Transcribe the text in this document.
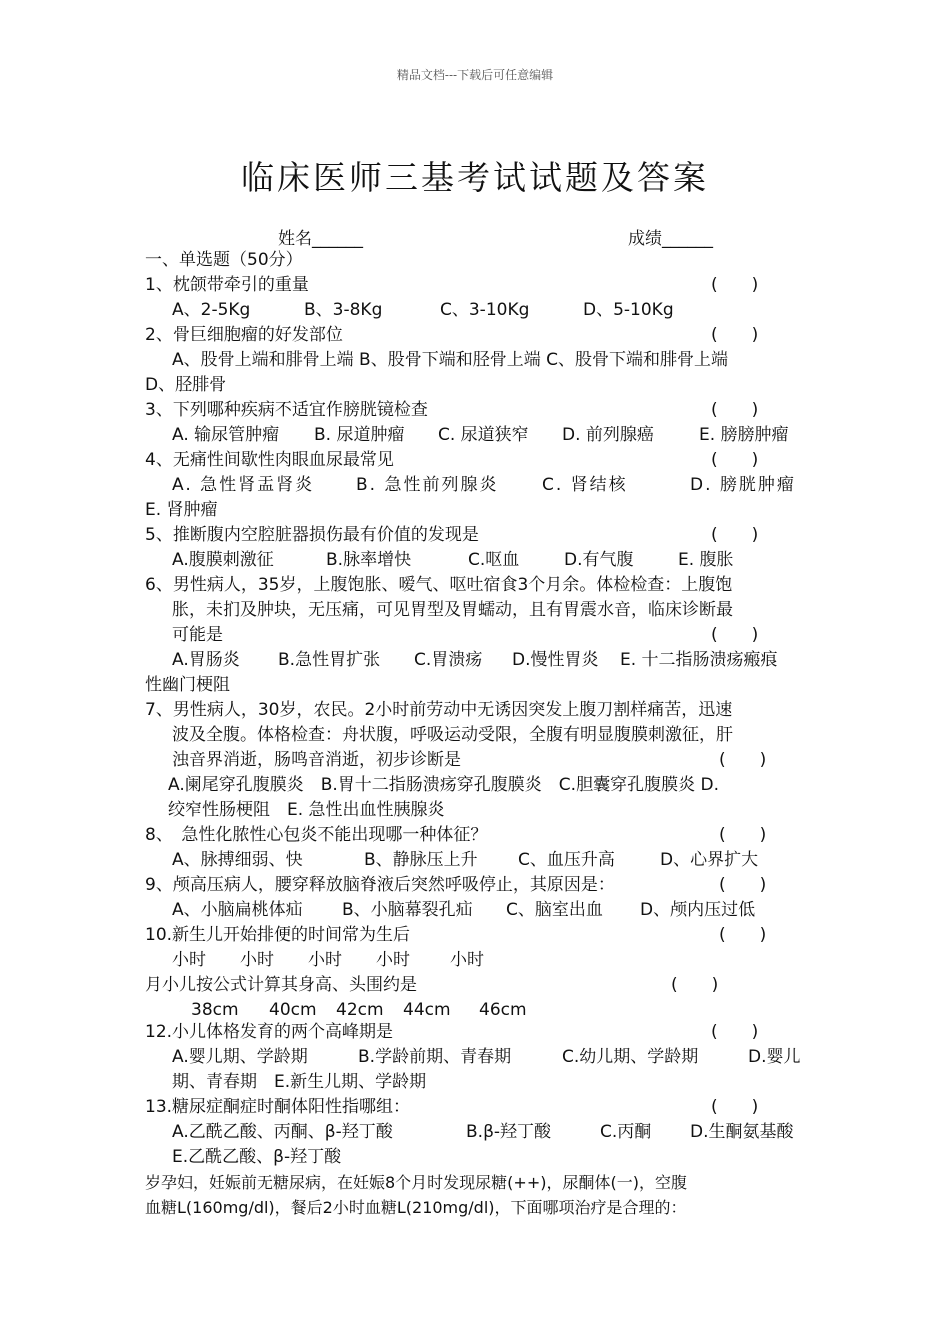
精品文档---下载后可任意编辑
临床医师三基考试试题及答案
姓名______	成绩______
一、单选题（50分）
1、枕颌带牵引的重量	(　　)
A、2-5Kg	B、3-8Kg	C、3-10Kg	D、5-10Kg
2、骨巨细胞瘤的好发部位	(　　)
A、股骨上端和腓骨上端 B、股骨下端和胫骨上端 C、股骨下端和腓骨上端
D、胫腓骨
3、下列哪种疾病不适宜作膀胱镜检查	(　　)
A. 输尿管肿瘤 B. 尿道肿瘤 C. 尿道狭窄 D. 前列腺癌	E. 膀膀肿瘤
4、无痛性间歇性肉眼血尿最常见	(　　)
A. 急性肾盂肾炎 B. 急性前列腺炎	C. 肾结核	D. 膀胱肿瘤
E. 肾肿瘤
5、推断腹内空腔脏器损伤最有价值的发现是	(　　)
A.腹膜刺激征	B.脉率增快	C.呕血	D.有气腹	E. 腹胀
6、男性病人，35岁，上腹饱胀、嗳气、呕吐宿食3个月余。体检检查：上腹饱
胀，未扪及肿块，无压痛，可见胃型及胃蠕动，且有胃震水音，临床诊断最
可能是	(　　)
A.胃肠炎 B.急性胃扩张 C.胃溃疡 D.慢性胃炎 E. 十二指肠溃疡瘢痕
性幽门梗阻
7、男性病人，30岁，农民。2小时前劳动中无诱因突发上腹刀割样痛苦，迅速
波及全腹。体格检查：舟状腹，呼吸运动受限，全腹有明显腹膜刺激征，肝
浊音界消逝，肠鸣音消逝，初步诊断是	(　　)
A.阑尾穿孔腹膜炎　B.胃十二指肠溃疡穿孔腹膜炎　C.胆囊穿孔腹膜炎 D.
绞窄性肠梗阻　E. 急性出血性胰腺炎
8、　急性化脓性心包炎不能出现哪一种体征？	(　　)
A、脉搏细弱、快	B、静脉压上升 C、血压升高	D、心界扩大
9、颅高压病人，腰穿释放脑脊液后突然呼吸停止，其原因是：	(　　)
A、小脑扁桃体疝 B、小脑幕裂孔疝 C、脑室出血 D、颅内压过低
10.新生儿开始排便的时间常为生后	(　　)
小时 小时 小时 小时 小时
月小儿按公式计算其身高、头围约是	(　　)
38cm 40cm 42cm 44cm 46cm
12.小儿体格发育的两个高峰期是	(　　)
A.婴儿期、学龄期	B.学龄前期、青春期	C.幼儿期、学龄期	D.婴儿
期、青春期　E.新生儿期、学龄期
13.糖尿症酮症时酮体阳性指哪组：	(　　)
A.乙酰乙酸、丙酮、β-羟丁酸	B.β-羟丁酸	C.丙酮 D.生酮氨基酸
E.乙酰乙酸、β-羟丁酸
岁孕妇，妊娠前无糖尿病，在妊娠8个月时发现尿糖(++)，尿酮体(一)，空腹
血糖L(160mg/dl)，餐后2小时血糖L(210mg/dl)，下面哪项治疗是合理的：
